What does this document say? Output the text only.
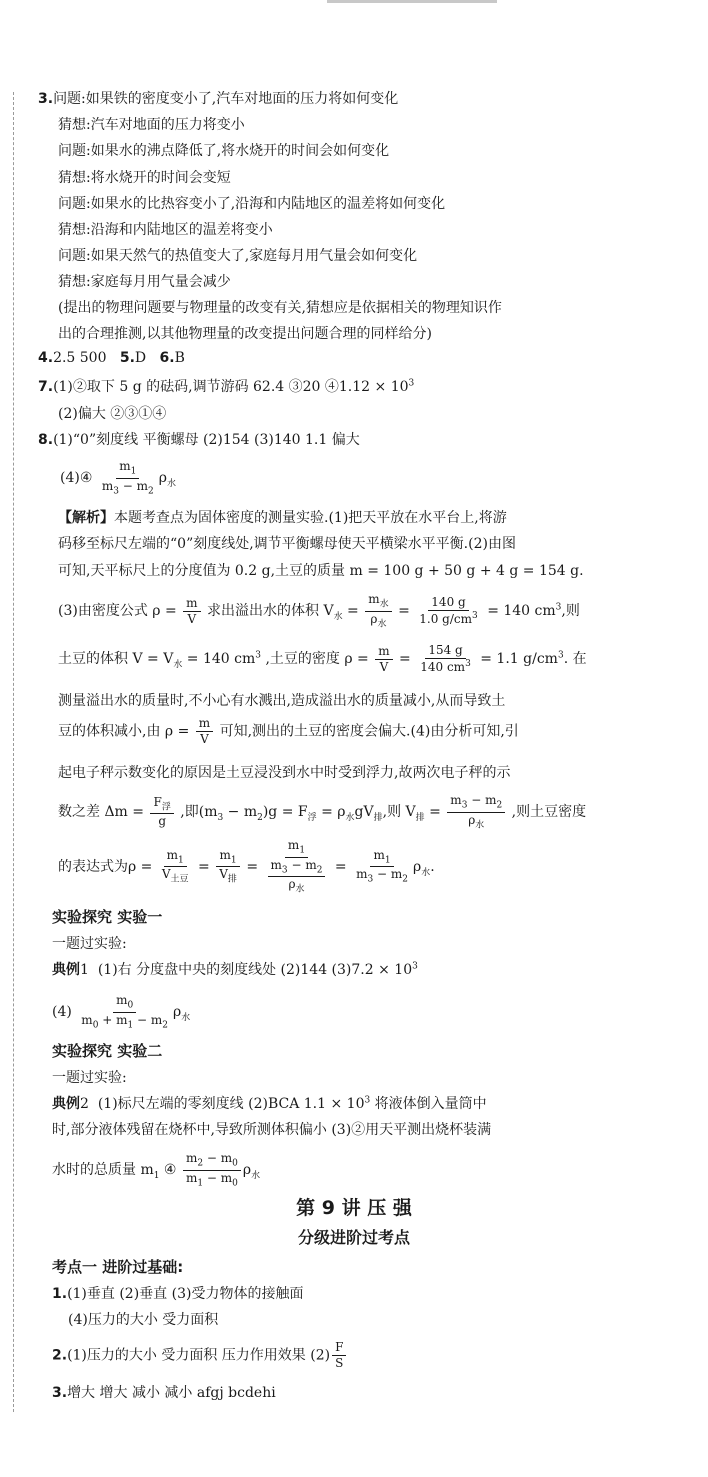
3.问题:如果铁的密度变小了,汽车对地面的压力将如何变化
猜想:汽车对地面的压力将变小
问题:如果水的沸点降低了,将水烧开的时间会如何变化
猜想:将水烧开的时间会变短
问题:如果水的比热容变小了,沿海和内陆地区的温差将如何变化
猜想:沿海和内陆地区的温差将变小
问题:如果天然气的热值变大了,家庭每月用气量会如何变化
猜想:家庭每月用气量会减少
(提出的物理问题要与物理量的改变有关,猜想应是依据相关的物理知识作
出的合理推测,以其他物理量的改变提出问题合理的同样给分)
4.2.5 500 5.D 6.B
7.(1)②取下 5 g 的砝码,调节游码 62.4 ③20 ④1.12 × $10^3$
(2)偏大 ②③①④
8.(1)“0”刻度线 平衡螺母 (2)154 (3)140 1.1 偏大
(4)④ $\frac{m_1}{m_3 - m_2} \rho_水$
【解析】本题考查点为固体密度的测量实验.(1)把天平放在水平台上,将游
码移至标尺左端的“0”刻度线处,调节平衡螺母使天平横梁水平平衡.(2)由图
可知,天平标尺上的分度值为 0.2 g,土豆的质量 m = 100 g + 50 g + 4 g = 154 g.
(3)由密度公式 $\rho = \frac{m}{V}$ 求出溢出水的体积 $V_水 = \frac{m_水}{\rho_水} = \frac{140 g}{1.0 g/cm^3} = 140$ $cm^3$,则
土豆的体积 $V = V_水 = 140$ $cm^3$ ,土豆的密度 $\rho = \frac{m}{V} = \frac{154 g}{140 cm^3} = 1.1$ $g/cm^3$. 在
测量溢出水的质量时,不小心有水溅出,造成溢出水的质量减小,从而导致土
豆的体积减小,由 $\rho = \frac{m}{V}$ 可知,测出的土豆的密度会偏大.(4)由分析可知,引
起电子秤示数变化的原因是土豆浸没到水中时受到浮力,故两次电子秤的示
数之差 $\Delta m = \frac{F_浮}{g}$ ,即$(m_3 - m_2)g = F_浮 = \rho_水gV_排$,则 $V_排 = \frac{m_3 - m_2}{\rho_水}$ ,则土豆密度
的表达式为$\rho = \frac{m_1}{V_{土豆}} = \frac{m_1}{V_排} = \frac{m_1}{\frac{m_3 - m_2}{\rho_水}} = \frac{m_1}{m_3 - m_2} \rho_水$.
实验探究 实验一
一题过实验:
典例1 (1)右 分度盘中央的刻度线处 (2)144 $(3)7.2 \times 10^3$
$(4) \frac{m_0}{m_0 + m_1 - m_2} \rho_水$
实验探究 实验二
一题过实验:
典例2 (1)标尺左端的零刻度线 (2)BCA $1.1 \times 10^3$ 将液体倒入量筒中
时,部分液体残留在烧杯中,导致所测体积偏小 (3)②用天平测出烧杯装满
水时的总质量 $m_1$ ④ $\frac{m_2 - m_0}{m_1 - m_0} \rho_水$
第 9 讲 压 强
分级进阶过考点
考点一 进阶过基础:
1.(1)垂直 (2)垂直 (3)受力物体的接触面
(4)压力的大小 受力面积
2.(1)压力的大小 受力面积 压力作用效果 $(2) \frac{F}{S}$
3.增大 增大 减小 减小 afgj bcdehi
